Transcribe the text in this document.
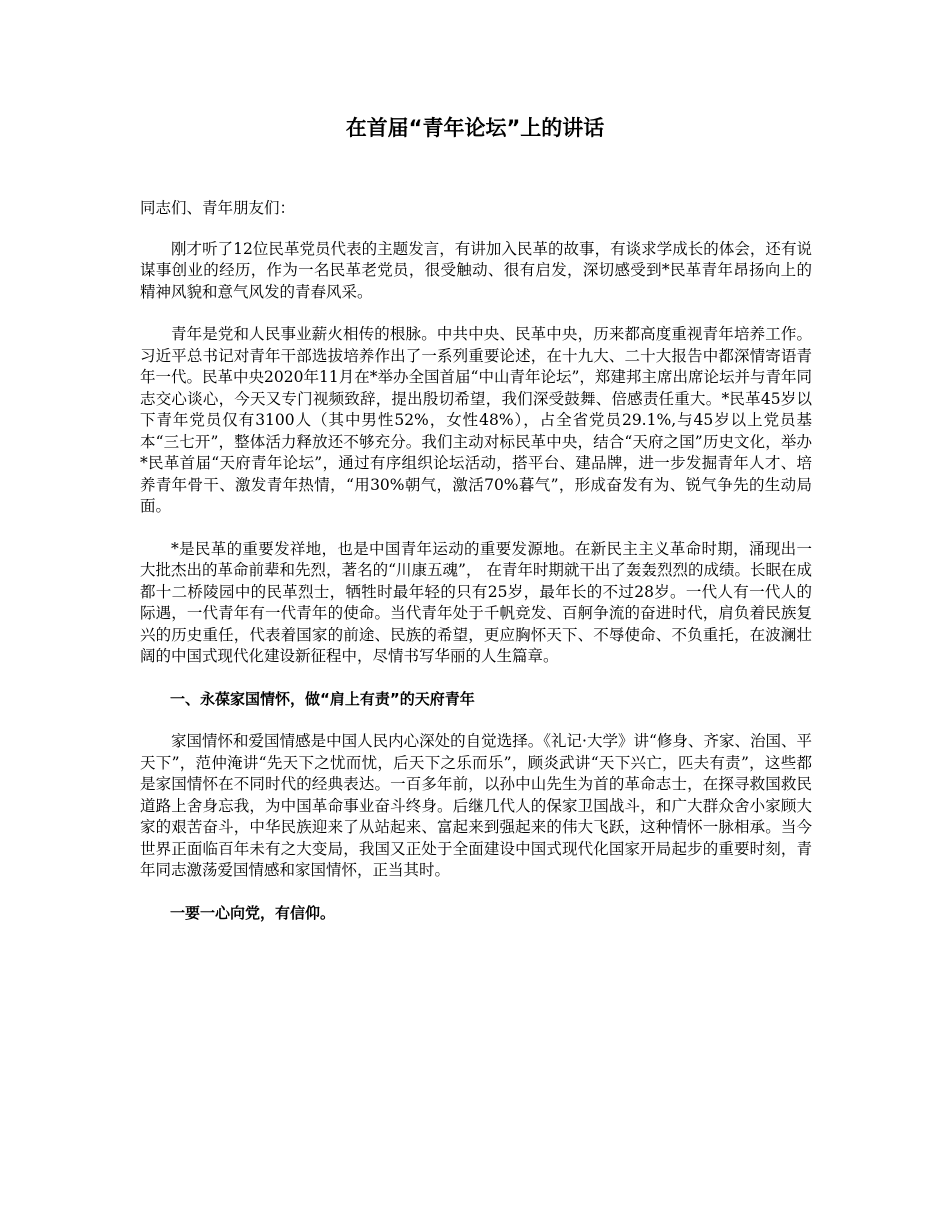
在首届“青年论坛”上的讲话

同志们、青年朋友们：

刚才听了12位民革党员代表的主题发言，有讲加入民革的故事，有谈求学成长的体会，还有说谋事创业的经历，作为一名民革老党员，很受触动、很有启发，深切感受到*民革青年昂扬向上的精神风貌和意气风发的青春风采。

青年是党和人民事业薪火相传的根脉。中共中央、民革中央，历来都高度重视青年培养工作。习近平总书记对青年干部选拔培养作出了一系列重要论述，在十九大、二十大报告中都深情寄语青年一代。民革中央2020年11月在*举办全国首届“中山青年论坛”，郑建邦主席出席论坛并与青年同志交心谈心，今天又专门视频致辞，提出殷切希望，我们深受鼓舞、倍感责任重大。*民革45岁以下青年党员仅有3100人（其中男性52%，女性48%），占全省党员29.1%,与45岁以上党员基本“三七开”，整体活力释放还不够充分。我们主动对标民革中央，结合“天府之国”历史文化，举办*民革首届“天府青年论坛”，通过有序组织论坛活动，搭平台、建品牌，进一步发掘青年人才、培养青年骨干、激发青年热情，“用30%朝气，激活70%暮气”，形成奋发有为、锐气争先的生动局面。

*是民革的重要发祥地，也是中国青年运动的重要发源地。在新民主主义革命时期，涌现出一大批杰出的革命前辈和先烈，著名的“川康五魂”， 在青年时期就干出了轰轰烈烈的成绩。长眠在成都十二桥陵园中的民革烈士，牺牲时最年轻的只有25岁，最年长的不过28岁。一代人有一代人的际遇，一代青年有一代青年的使命。当代青年处于千帆竞发、百舸争流的奋进时代，肩负着民族复兴的历史重任，代表着国家的前途、民族的希望，更应胸怀天下、不辱使命、不负重托，在波澜壮阔的中国式现代化建设新征程中，尽情书写华丽的人生篇章。

一、永葆家国情怀，做“肩上有责”的天府青年

家国情怀和爱国情感是中国人民内心深处的自觉选择。《礼记·大学》讲“修身、齐家、治国、平天下”，范仲淹讲“先天下之忧而忧，后天下之乐而乐”，顾炎武讲“天下兴亡，匹夫有责”，这些都是家国情怀在不同时代的经典表达。一百多年前，以孙中山先生为首的革命志士，在探寻救国救民道路上舍身忘我，为中国革命事业奋斗终身。后继几代人的保家卫国战斗，和广大群众舍小家顾大家的艰苦奋斗，中华民族迎来了从站起来、富起来到强起来的伟大飞跃，这种情怀一脉相承。当今世界正面临百年未有之大变局，我国又正处于全面建设中国式现代化国家开局起步的重要时刻，青年同志激荡爱国情感和家国情怀，正当其时。

一要一心向党，有信仰。
